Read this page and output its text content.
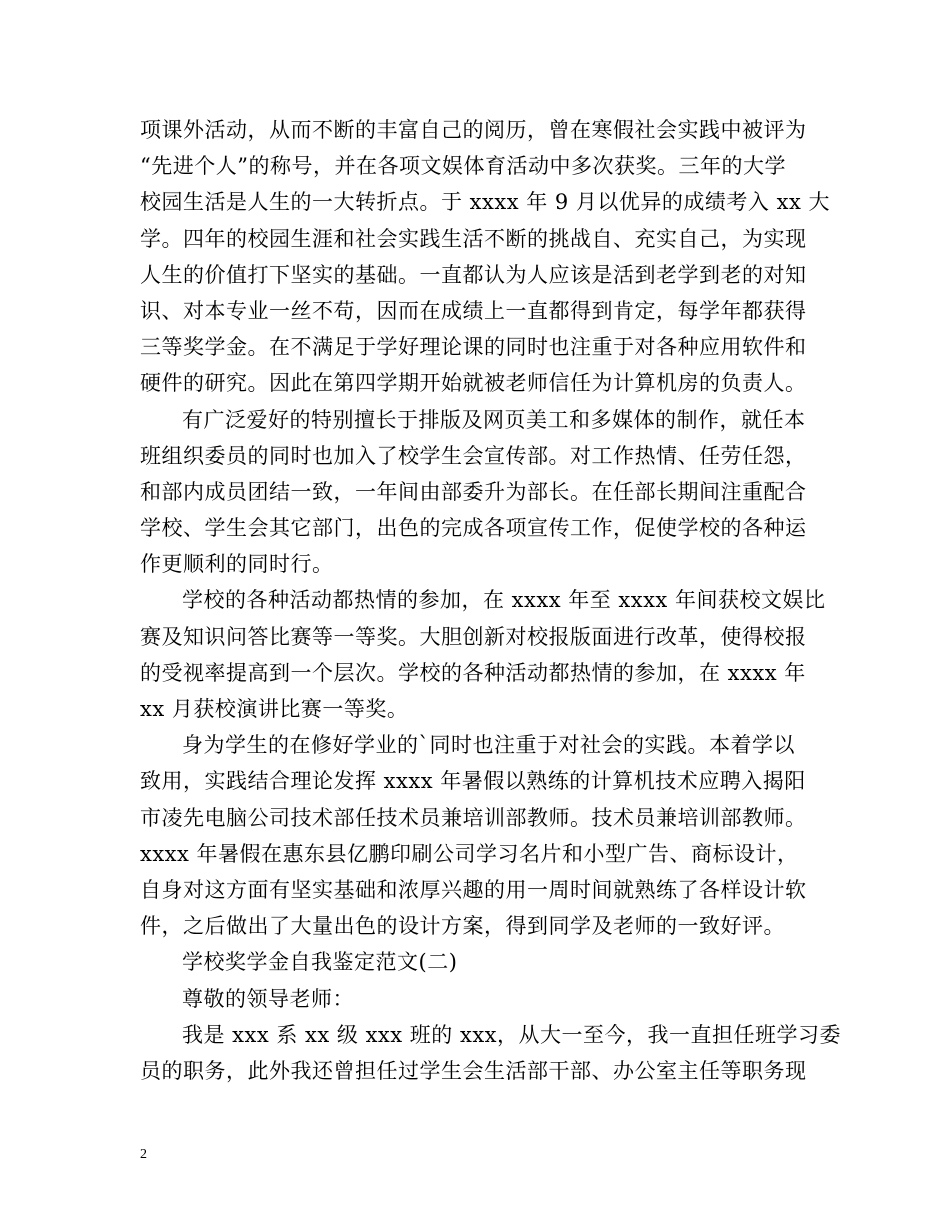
项课外活动，从而不断的丰富自己的阅历，曾在寒假社会实践中被评为
“先进个人”的称号，并在各项文娱体育活动中多次获奖。三年的大学
校园生活是人生的一大转折点。于 xxxx 年 9 月以优异的成绩考入 xx 大
学。四年的校园生涯和社会实践生活不断的挑战自、充实自己，为实现
人生的价值打下坚实的基础。一直都认为人应该是活到老学到老的对知
识、对本专业一丝不苟，因而在成绩上一直都得到肯定，每学年都获得
三等奖学金。在不满足于学好理论课的同时也注重于对各种应用软件和
硬件的研究。因此在第四学期开始就被老师信任为计算机房的负责人。
有广泛爱好的特别擅长于排版及网页美工和多媒体的制作，就任本
班组织委员的同时也加入了校学生会宣传部。对工作热情、任劳任怨，
和部内成员团结一致，一年间由部委升为部长。在任部长期间注重配合
学校、学生会其它部门，出色的完成各项宣传工作，促使学校的各种运
作更顺利的同时行。
学校的各种活动都热情的参加，在 xxxx 年至 xxxx 年间获校文娱比
赛及知识问答比赛等一等奖。大胆创新对校报版面进行改革，使得校报
的受视率提高到一个层次。学校的各种活动都热情的参加，在 xxxx 年
xx 月获校演讲比赛一等奖。
身为学生的在修好学业的`同时也注重于对社会的实践。本着学以
致用，实践结合理论发挥 xxxx 年暑假以熟练的计算机技术应聘入揭阳
市凌先电脑公司技术部任技术员兼培训部教师。技术员兼培训部教师。
xxxx 年暑假在惠东县亿鹏印刷公司学习名片和小型广告、商标设计，
自身对这方面有坚实基础和浓厚兴趣的用一周时间就熟练了各样设计软
件，之后做出了大量出色的设计方案，得到同学及老师的一致好评。
学校奖学金自我鉴定范文(二)
尊敬的领导老师：
我是 xxx 系 xx 级 xxx 班的 xxx，从大一至今，我一直担任班学习委
员的职务，此外我还曾担任过学生会生活部干部、办公室主任等职务现
2
